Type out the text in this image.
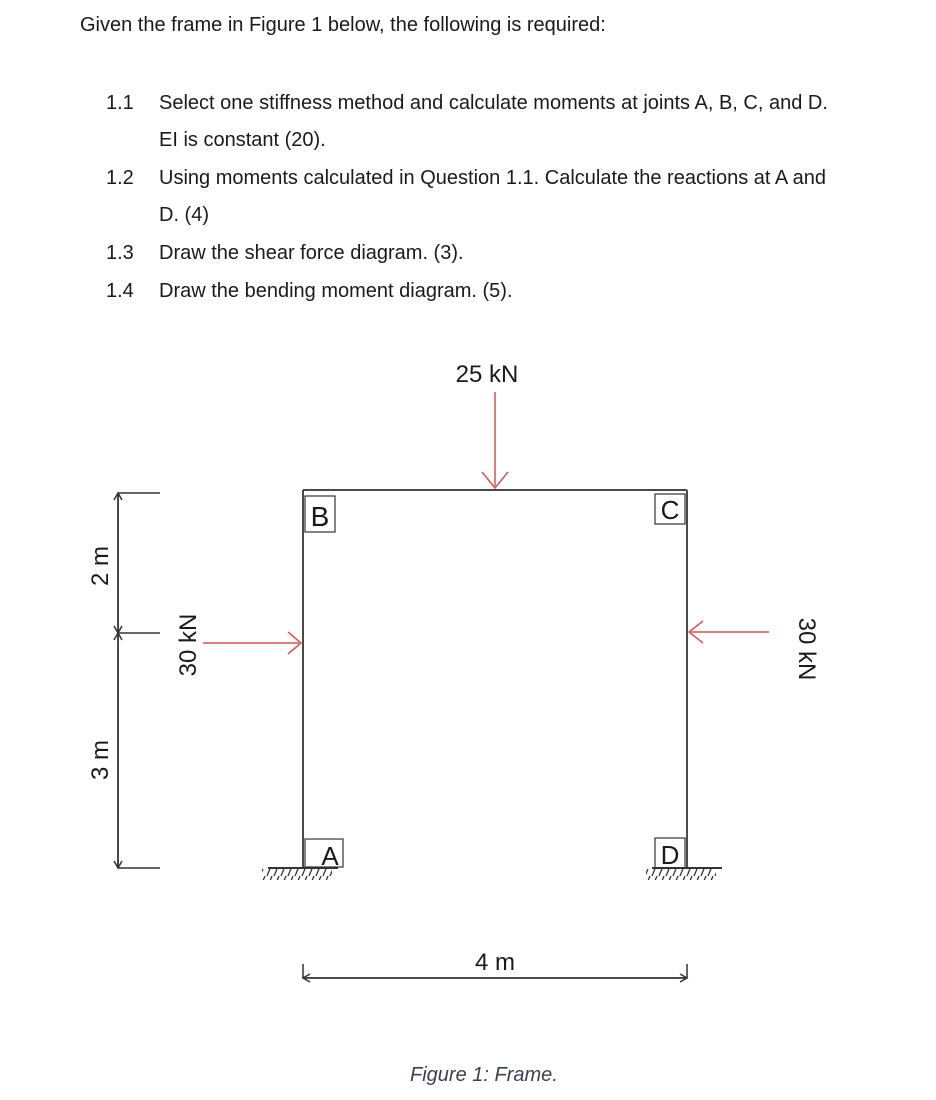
Given the frame in Figure 1 below, the following is required:

1.1 Select one stiffness method and calculate moments at joints A, B, C, and D.
EI is constant (20).
1.2 Using moments calculated in Question 1.1. Calculate the reactions at A and
D. (4)
1.3 Draw the shear force diagram. (3).
1.4 Draw the bending moment diagram. (5).
B	C
A	D
25 kN
30 kN	30 kN
2 m
3 m
4 m
Figure 1: Frame.
